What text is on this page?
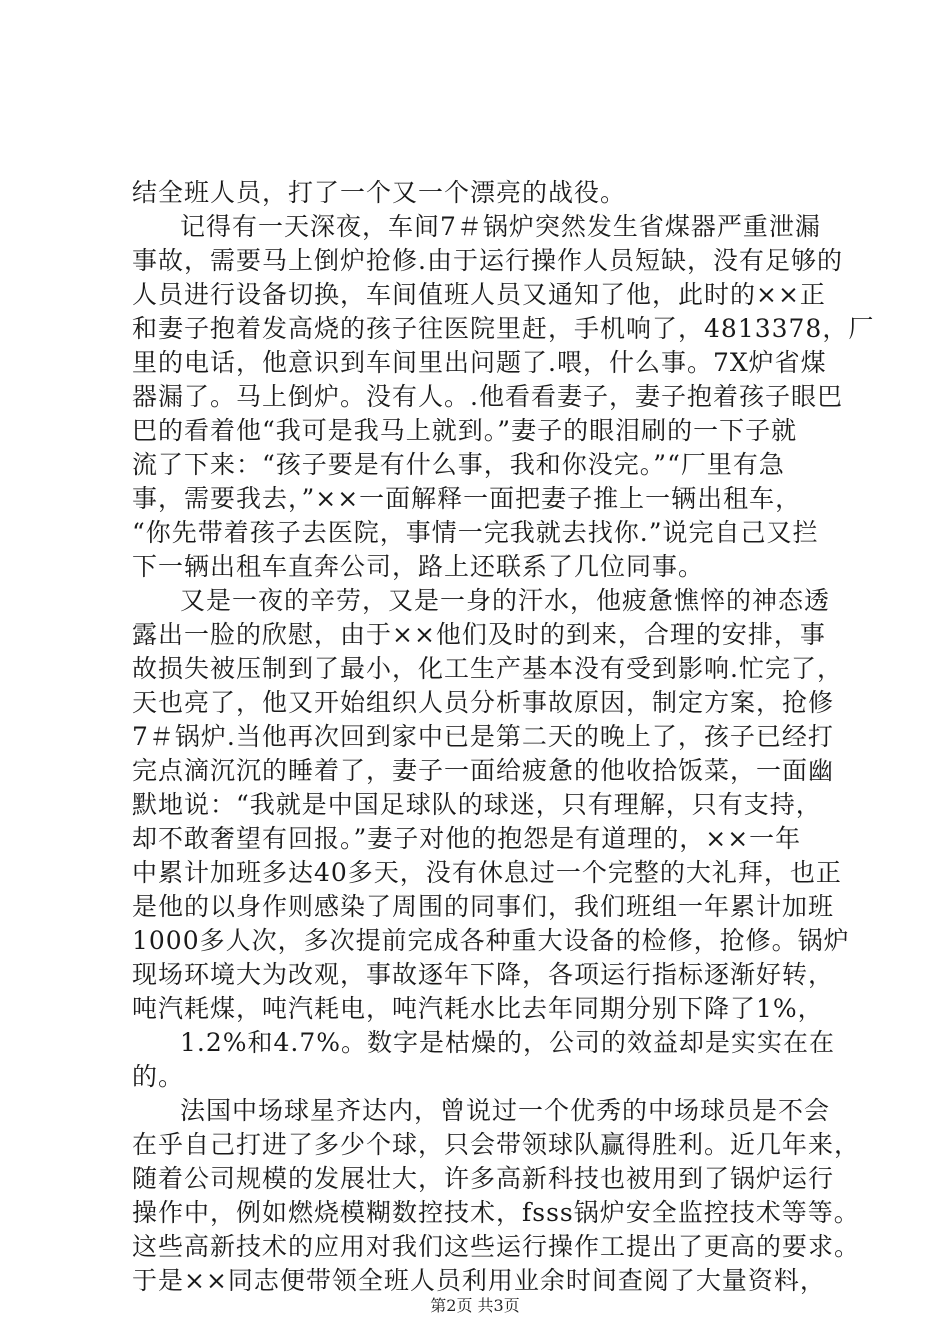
结全班人员，打了一个又一个漂亮的战役。
记得有一天深夜，车间7＃锅炉突然发生省煤器严重泄漏
事故，需要马上倒炉抢修.由于运行操作人员短缺，没有足够的
人员进行设备切换，车间值班人员又通知了他，此时的××正
和妻子抱着发高烧的孩子往医院里赶，手机响了，4813378，厂
里的电话，他意识到车间里出问题了.喂，什么事。7X炉省煤
器漏了。马上倒炉。没有人。.他看看妻子，妻子抱着孩子眼巴
巴的看着他“我可是我马上就到。”妻子的眼泪刷的一下子就
流了下来：“孩子要是有什么事，我和你没完。”“厂里有急
事，需要我去，”××一面解释一面把妻子推上一辆出租车，
“你先带着孩子去医院，事情一完我就去找你.”说完自己又拦
下一辆出租车直奔公司，路上还联系了几位同事。
又是一夜的辛劳，又是一身的汗水，他疲惫憔悴的神态透
露出一脸的欣慰，由于××他们及时的到来，合理的安排，事
故损失被压制到了最小，化工生产基本没有受到影响.忙完了，
天也亮了，他又开始组织人员分析事故原因，制定方案，抢修
7＃锅炉.当他再次回到家中已是第二天的晚上了，孩子已经打
完点滴沉沉的睡着了，妻子一面给疲惫的他收拾饭菜，一面幽
默地说：“我就是中国足球队的球迷，只有理解，只有支持，
却不敢奢望有回报。”妻子对他的抱怨是有道理的，××一年
中累计加班多达40多天，没有休息过一个完整的大礼拜，也正
是他的以身作则感染了周围的同事们，我们班组一年累计加班
1000多人次，多次提前完成各种重大设备的检修，抢修。锅炉
现场环境大为改观，事故逐年下降，各项运行指标逐渐好转，
吨汽耗煤，吨汽耗电，吨汽耗水比去年同期分别下降了1%，
1.2%和4.7%。数字是枯燥的，公司的效益却是实实在在
的。
法国中场球星齐达内，曾说过一个优秀的中场球员是不会
在乎自己打进了多少个球，只会带领球队赢得胜利。近几年来，
随着公司规模的发展壮大，许多高新科技也被用到了锅炉运行
操作中，例如燃烧模糊数控技术，fsss锅炉安全监控技术等等。
这些高新技术的应用对我们这些运行操作工提出了更高的要求。
于是××同志便带领全班人员利用业余时间查阅了大量资料，
第2页 共3页
